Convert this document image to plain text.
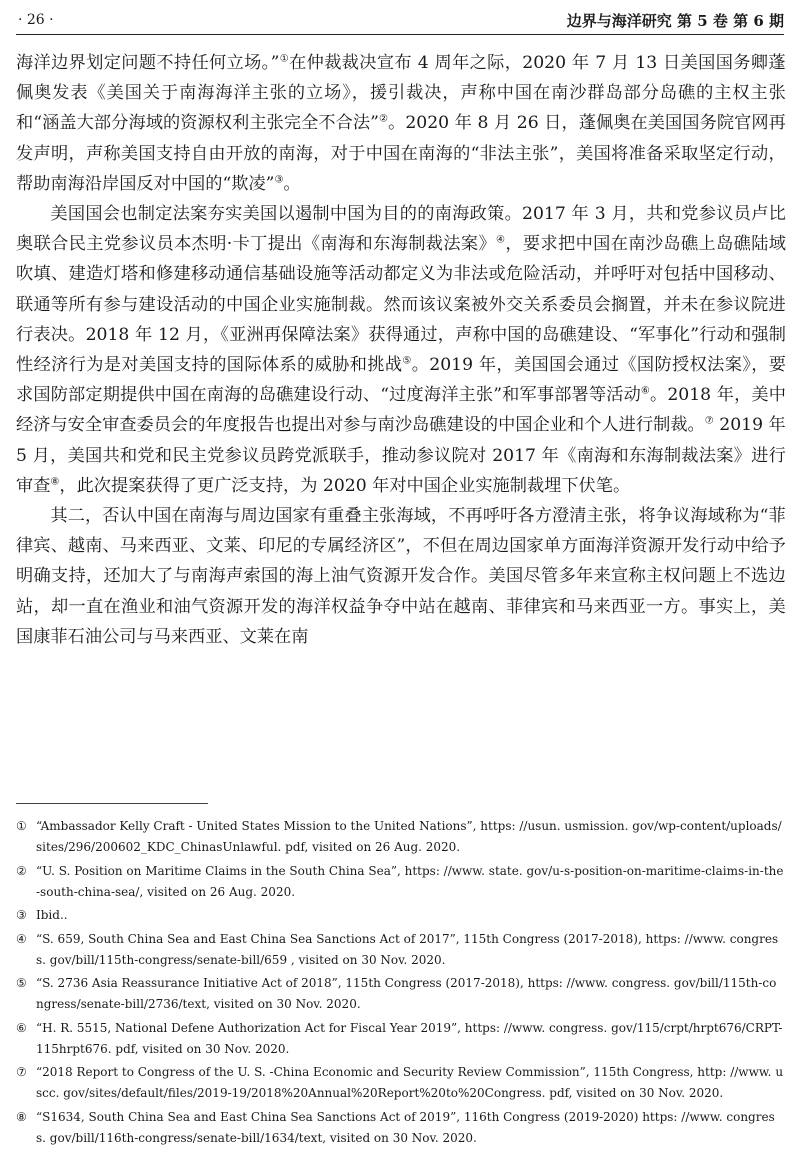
· 26 ·	边界与海洋研究 第 5 卷 第 6 期

海洋边界划定问题不持任何立场。”①在仲裁裁决宣布 4 周年之际，2020 年 7 月 13 日美国国务卿蓬佩奥发表《美国关于南海海洋主张的立场》，援引裁决，声称中国在南沙群岛部分岛礁的主权主张和“涵盖大部分海域的资源权利主张完全不合法”②。2020 年 8 月 26 日，蓬佩奥在美国国务院官网再发声明，声称美国支持自由开放的南海，对于中国在南海的“非法主张”，美国将准备采取坚定行动，帮助南海沿岸国反对中国的“欺凌”③。

美国国会也制定法案夯实美国以遏制中国为目的的南海政策。2017 年 3 月，共和党参议员卢比奥联合民主党参议员本杰明·卡丁提出《南海和东海制裁法案》④，要求把中国在南沙岛礁上岛礁陆域吹填、建造灯塔和修建移动通信基础设施等活动都定义为非法或危险活动，并呼吁对包括中国移动、联通等所有参与建设活动的中国企业实施制裁。然而该议案被外交关系委员会搁置，并未在参议院进行表决。2018 年 12 月，《亚洲再保障法案》获得通过，声称中国的岛礁建设、“军事化”行动和强制性经济行为是对美国支持的国际体系的威胁和挑战⑤。2019 年，美国国会通过《国防授权法案》，要求国防部定期提供中国在南海的岛礁建设行动、“过度海洋主张”和军事部署等活动⑥。2018 年，美中经济与安全审查委员会的年度报告也提出对参与南沙岛礁建设的中国企业和个人进行制裁。⑦ 2019 年 5 月，美国共和党和民主党参议员跨党派联手，推动参议院对 2017 年《南海和东海制裁法案》进行审查⑧，此次提案获得了更广泛支持，为 2020 年对中国企业实施制裁埋下伏笔。

其二，否认中国在南海与周边国家有重叠主张海域，不再呼吁各方澄清主张，将争议海域称为“菲律宾、越南、马来西亚、文莱、印尼的专属经济区”，不但在周边国家单方面海洋资源开发行动中给予明确支持，还加大了与南海声索国的海上油气资源开发合作。美国尽管多年来宣称主权问题上不选边站，却一直在渔业和油气资源开发的海洋权益争夺中站在越南、菲律宾和马来西亚一方。事实上，美国康菲石油公司与马来西亚、文莱在南

① “Ambassador Kelly Craft - United States Mission to the United Nations”, https: //usun. usmission. gov/wp-content/uploads/sites/296/200602_KDC_ChinasUnlawful. pdf, visited on 26 Aug. 2020.
② “U. S. Position on Maritime Claims in the South China Sea”, https: //www. state. gov/u-s-position-on-maritime-claims-in-the-south-china-sea/, visited on 26 Aug. 2020.
③ Ibid..
④ “S. 659, South China Sea and East China Sea Sanctions Act of 2017”, 115th Congress (2017-2018), https: //www. congress. gov/bill/115th-congress/senate-bill/659 , visited on 30 Nov. 2020.
⑤ “S. 2736 Asia Reassurance Initiative Act of 2018”, 115th Congress (2017-2018), https: //www. congress. gov/bill/115th-congress/senate-bill/2736/text, visited on 30 Nov. 2020.
⑥ “H. R. 5515, National Defene Authorization Act for Fiscal Year 2019”, https: //www. congress. gov/115/crpt/hrpt676/CRPT-115hrpt676. pdf, visited on 30 Nov. 2020.
⑦ “2018 Report to Congress of the U. S. -China Economic and Security Review Commission”, 115th Congress, http: //www. uscc. gov/sites/default/files/2019-19/2018%20Annual%20Report%20to%20Congress. pdf, visited on 30 Nov. 2020.
⑧ “S1634, South China Sea and East China Sea Sanctions Act of 2019”, 116th Congress (2019-2020) https: //www. congress. gov/bill/116th-congress/senate-bill/1634/text, visited on 30 Nov. 2020.
